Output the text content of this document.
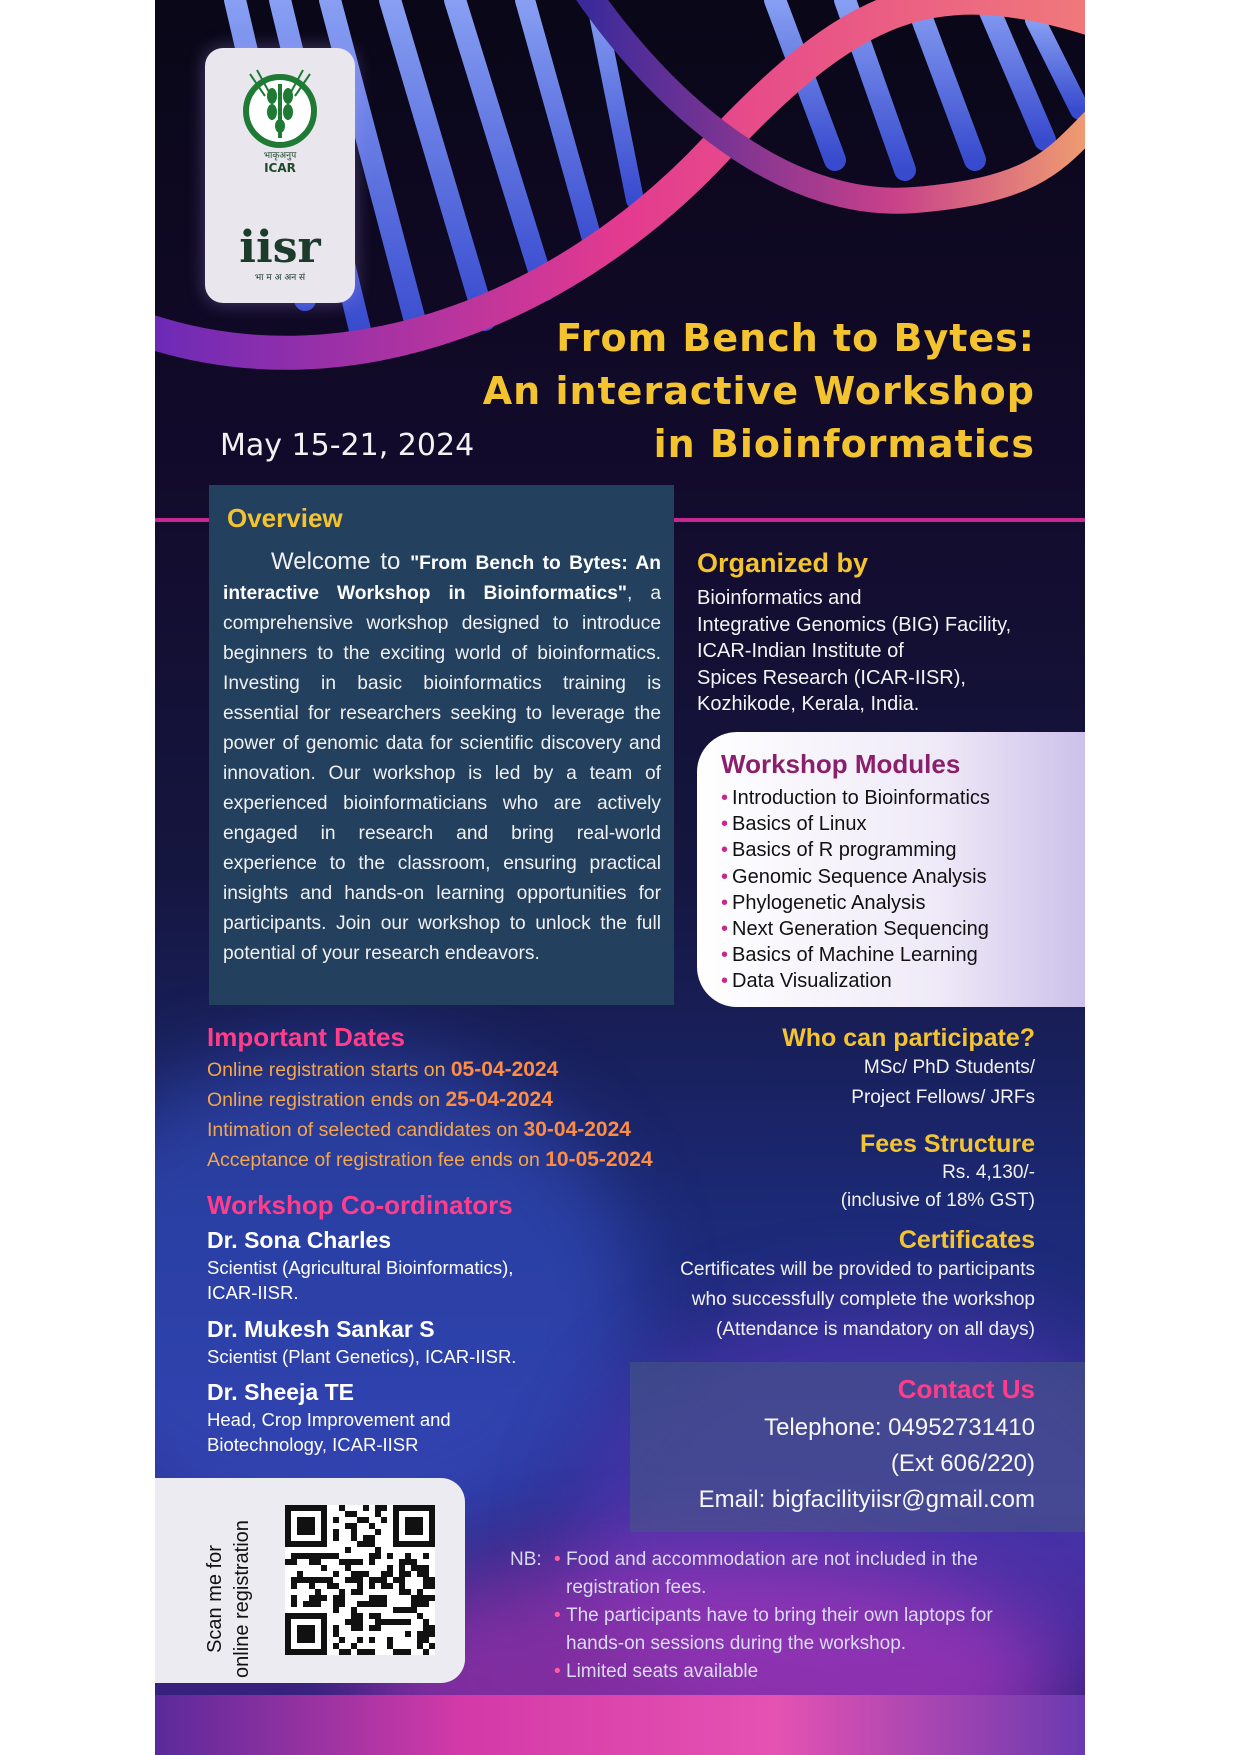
भाकृअनुप
ICAR
iisr
भा म अ अन सं
From Bench to Bytes:
An interactive Workshop
in Bioinformatics
May 15-21, 2024
Overview
Welcome to "From Bench to Bytes: An interactive Workshop in Bioinformatics", a comprehensive workshop designed to introduce beginners to the exciting world of bioinformatics. Investing in basic bioinformatics training is essential for researchers seeking to leverage the power of genomic data for scientific discovery and innovation. Our workshop is led by a team of experienced bioinformaticians who are actively engaged in research and bring real-world experience to the classroom, ensuring practical insights and hands-on learning opportunities for participants. Join our workshop to unlock the full potential of your research endeavors.
Organized by
Bioinformatics and
Integrative Genomics (BIG) Facility,
ICAR-Indian Institute of
Spices Research (ICAR-IISR),
Kozhikode, Kerala, India.
Workshop Modules
• Introduction to Bioinformatics
• Basics of Linux
• Basics of R programming
• Genomic Sequence Analysis
• Phylogenetic Analysis
• Next Generation Sequencing
• Basics of Machine Learning
• Data Visualization
Important Dates
Online registration starts on 05-04-2024
Online registration ends on 25-04-2024
Intimation of selected candidates on 30-04-2024
Acceptance of registration fee ends on 10-05-2024
Workshop Co-ordinators
Dr. Sona Charles
Scientist (Agricultural Bioinformatics),
ICAR-IISR.
Dr. Mukesh Sankar S
Scientist (Plant Genetics), ICAR-IISR.
Dr. Sheeja TE
Head, Crop Improvement and
Biotechnology, ICAR-IISR
Who can participate?
MSc/ PhD Students/
Project Fellows/ JRFs
Fees Structure
Rs. 4,130/-
(inclusive of 18% GST)
Certificates
Certificates will be provided to participants
who successfully complete the workshop
(Attendance is mandatory on all days)
Contact Us
Telephone: 04952731410
(Ext 606/220)
Email: bigfacilityiisr@gmail.com
Scan me for online registration	NB:
•	Food and accommodation are not included in the registration fees.
• The participants have to bring their own laptops for hands-on sessions during the workshop.
• Limited seats available
